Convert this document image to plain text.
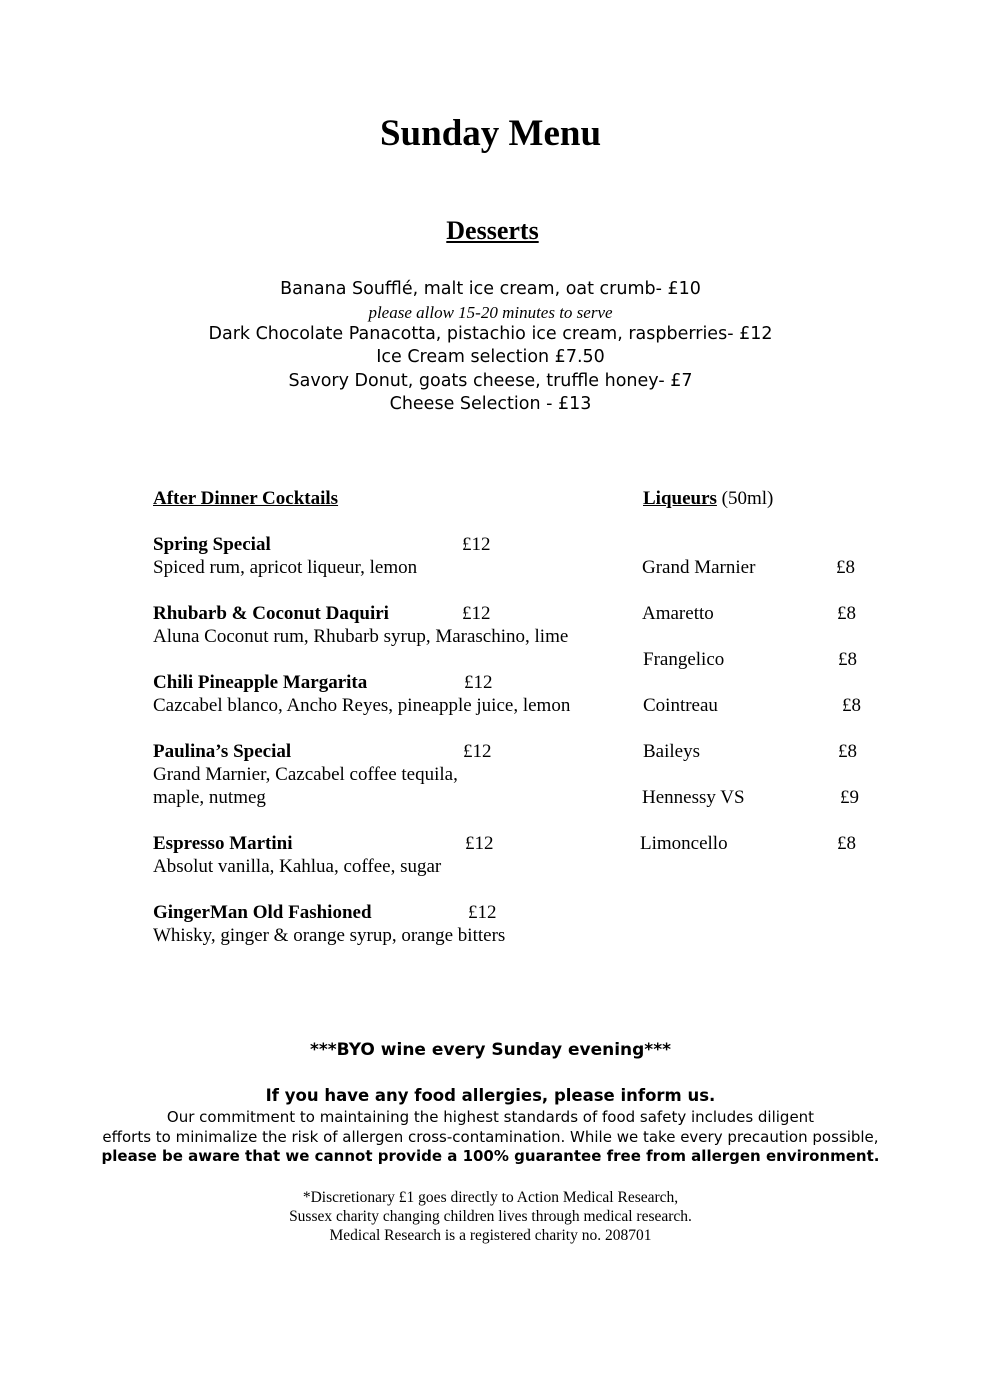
Sunday Menu
Desserts
Banana Soufflé, malt ice cream, oat crumb- £10
please allow 15-20 minutes to serve
Dark Chocolate Panacotta, pistachio ice cream, raspberries- £12
Ice Cream selection £7.50
Savory Donut, goats cheese, truffle honey- £7
Cheese Selection - £13
After Dinner Cocktails
Spring Special	£12
Spiced rum, apricot liqueur, lemon
Rhubarb & Coconut Daquiri	£12
Aluna Coconut rum, Rhubarb syrup, Maraschino, lime
Chili Pineapple Margarita	£12
Cazcabel blanco, Ancho Reyes, pineapple juice, lemon
Paulina’s Special	£12
Grand Marnier, Cazcabel coffee tequila,
maple, nutmeg
Espresso Martini	£12
Absolut vanilla, Kahlua, coffee, sugar
GingerMan Old Fashioned	£12
Whisky, ginger & orange syrup, orange bitters
Liqueurs (50ml)
Grand Marnier	£8
Amaretto	£8
Frangelico	£8
Cointreau	£8
Baileys	£8
Hennessy VS	£9
Limoncello	£8
***BYO wine every Sunday evening***
If you have any food allergies, please inform us.
Our commitment to maintaining the highest standards of food safety includes diligent
efforts to minimalize the risk of allergen cross-contamination. While we take every precaution possible,
please be aware that we cannot provide a 100% guarantee free from allergen environment.
*Discretionary £1 goes directly to Action Medical Research,
Sussex charity changing children lives through medical research.
Medical Research is a registered charity no. 208701
